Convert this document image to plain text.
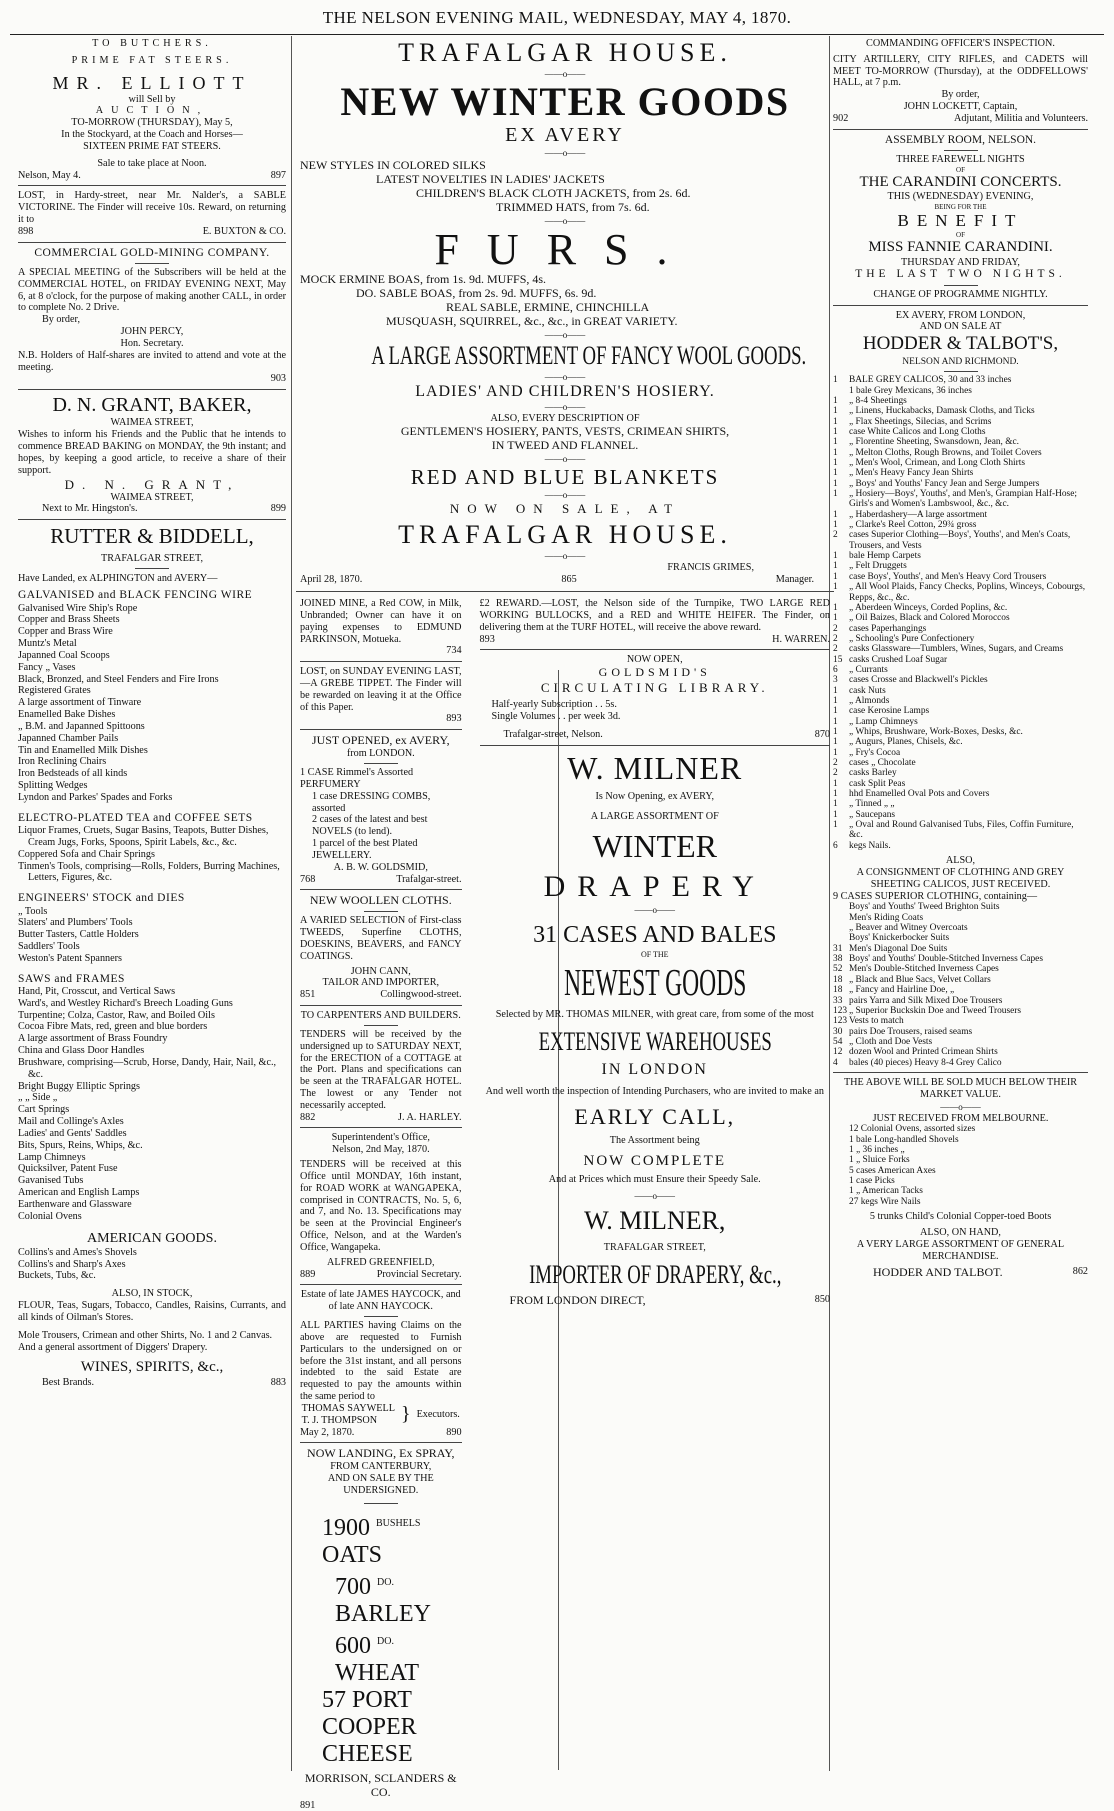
THE NELSON EVENING MAIL, WEDNESDAY, MAY 4, 1870.
TO BUTCHERS.
PRIME FAT STEERS.
MR. ELLIOTT
will Sell by
AUCTION,
TO-MORROW (THURSDAY), May 5,
In the Stockyard, at the Coach and Horses—
SIXTEEN PRIME FAT STEERS.
Sale to take place at Noon.
Nelson, May 4.	897
LOST, in Hardy-street, near Mr. Nalder's, a SABLE VICTORINE. The Finder will receive 10s. Reward, on returning it to
898	E. BUXTON & CO.
COMMERCIAL GOLD-MINING COMPANY.
A SPECIAL MEETING of the Subscribers will be held at the COMMERCIAL HOTEL, on FRIDAY EVENING NEXT, May 6, at 8 o'clock, for the purpose of making another CALL, in order to complete No. 2 Drive.
By order,
JOHN PERCY,
Hon. Secretary.
N.B. Holders of Half-shares are invited to attend and vote at the meeting.
903
D. N. GRANT, BAKER,
WAIMEA STREET,
Wishes to inform his Friends and the Public that he intends to commence BREAD BAKING on MONDAY, the 9th instant; and hopes, by keeping a good article, to receive a share of their support.
D. N. GRANT,
WAIMEA STREET,
Next to Mr. Hingston's.	899
RUTTER & BIDDELL,
TRAFALGAR STREET,
Have Landed, ex ALPHINGTON and AVERY—
GALVANISED and BLACK FENCING WIRE
Galvanised Wire Ship's Rope
Copper and Brass Sheets
Copper and Brass Wire
Muntz's Metal
Japanned Coal Scoops
Fancy „ Vases
Black, Bronzed, and Steel Fenders and Fire Irons
Registered Grates
A large assortment of Tinware
Enamelled Bake Dishes
„ B.M. and Japanned Spittoons
Japanned Chamber Pails
Tin and Enamelled Milk Dishes
Iron Reclining Chairs
Iron Bedsteads of all kinds
Splitting Wedges
Lyndon and Parkes' Spades and Forks
ELECTRO-PLATED TEA and COFFEE SETS
Liquor Frames, Cruets, Sugar Basins, Teapots, Butter Dishes, Cream Jugs, Forks, Spoons, Spirit Labels, &c., &c.
Coppered Sofa and Chair Springs
Tinmen's Tools, comprising—Rolls, Folders, Burring Machines, Letters, Figures, &c.
ENGINEERS' STOCK and DIES
„ Tools
Slaters' and Plumbers' Tools
Butter Tasters, Cattle Holders
Saddlers' Tools
Weston's Patent Spanners
SAWS and FRAMES
Hand, Pit, Crosscut, and Vertical Saws
Ward's, and Westley Richard's Breech Loading Guns
Turpentine; Colza, Castor, Raw, and Boiled Oils
Cocoa Fibre Mats, red, green and blue borders
A large assortment of Brass Foundry
China and Glass Door Handles
Brushware, comprising—Scrub, Horse, Dandy, Hair, Nail, &c., &c.
Bright Buggy Elliptic Springs
„ „ Side „
Cart Springs
Mail and Collinge's Axles
Ladies' and Gents' Saddles
Bits, Spurs, Reins, Whips, &c.
Lamp Chimneys
Quicksilver, Patent Fuse
Gavanised Tubs
American and English Lamps
Earthenware and Glassware
Colonial Ovens
AMERICAN GOODS.
Collins's and Ames's Shovels
Collins's and Sharp's Axes
Buckets, Tubs, &c.
ALSO, IN STOCK,
FLOUR, Teas, Sugars, Tobacco, Candles, Raisins, Currants, and all kinds of Oilman's Stores.
Mole Trousers, Crimean and other Shirts, No. 1 and 2 Canvas.
And a general assortment of Diggers' Drapery.
WINES, SPIRITS, &c.,
Best Brands.	883
TRAFALGAR HOUSE.
——o——
NEW WINTER GOODS
EX AVERY
——o——
NEW STYLES IN COLORED SILKS
LATEST NOVELTIES IN LADIES' JACKETS
CHILDREN'S BLACK CLOTH JACKETS, from 2s. 6d.
TRIMMED HATS, from 7s. 6d.
——o——
FURS.
MOCK ERMINE BOAS, from 1s. 9d. MUFFS, 4s.
DO. SABLE BOAS, from 2s. 9d. MUFFS, 6s. 9d.
REAL SABLE, ERMINE, CHINCHILLA
MUSQUASH, SQUIRREL, &c., &c., in GREAT VARIETY.
——o——
A LARGE ASSORTMENT OF FANCY WOOL GOODS.
——o——
LADIES' AND CHILDREN'S HOSIERY.
——o——
ALSO, EVERY DESCRIPTION OF
GENTLEMEN'S HOSIERY, PANTS, VESTS, CRIMEAN SHIRTS,
IN TWEED AND FLANNEL.
——o——
RED AND BLUE BLANKETS
——o——
NOW ON SALE, AT
TRAFALGAR HOUSE.
——o——
FRANCIS GRIMES,
April 28, 1870.	865	Manager.
JOINED MINE, a Red COW, in Milk, Unbranded; Owner can have it on paying expenses to EDMUND PARKINSON, Motueka.
734
LOST, on SUNDAY EVENING LAST,—A GREBE TIPPET. The Finder will be rewarded on leaving it at the Office of this Paper.
893
JUST OPENED, ex AVERY,
from LONDON.
1 CASE Rimmel's Assorted PERFUMERY
1 case DRESSING COMBS, assorted
2 cases of the latest and best NOVELS (to lend).
1 parcel of the best Plated JEWELLERY.
A. B. W. GOLDSMID,
768	Trafalgar-street.
NEW WOOLLEN CLOTHS.
A VARIED SELECTION of First-class TWEEDS, Superfine CLOTHS, DOESKINS, BEAVERS, and FANCY COATINGS.
JOHN CANN,
TAILOR AND IMPORTER,
851	Collingwood-street.
TO CARPENTERS AND BUILDERS.
TENDERS will be received by the undersigned up to SATURDAY NEXT, for the ERECTION of a COTTAGE at the Port. Plans and specifications can be seen at the TRAFALGAR HOTEL. The lowest or any Tender not necessarily accepted.
882	J. A. HARLEY.
Superintendent's Office,
Nelson, 2nd May, 1870.
TENDERS will be received at this Office until MONDAY, 16th instant, for ROAD WORK at WANGAPEKA, comprised in CONTRACTS, No. 5, 6, and 7, and No. 13. Specifications may be seen at the Provincial Engineer's Office, Nelson, and at the Warden's Office, Wangapeka.
ALFRED GREENFIELD,
889	Provincial Secretary.
Estate of late JAMES HAYCOCK, and of late ANN HAYCOCK.
ALL PARTIES having Claims on the above are requested to Furnish Particulars to the undersigned on or before the 31st instant, and all persons indebted to the said Estate are requested to pay the amounts within the same period to
THOMAS SAYWELL
T. J. THOMPSON	} Executors.
May 2, 1870.	890
NOW LANDING, Ex SPRAY,
FROM CANTERBURY,
AND ON SALE BY THE UNDERSIGNED.
1900 $^{BUSHELS}$ OATS
700 $^{DO.}$ BARLEY
600 $^{DO.}$ WHEAT
57 PORT COOPER CHEESE
MORRISON, SCLANDERS & CO.
891
£2 REWARD.—LOST, the Nelson side of the Turnpike, TWO LARGE RED WORKING BULLOCKS, and a RED and WHITE HEIFER. The Finder, on delivering them at the TURF HOTEL, will receive the above reward.
893	H. WARREN.
NOW OPEN,
GOLDSMID'S
CIRCULATING LIBRARY.
Half-yearly Subscription . . 5s.
Single Volumes . . per week 3d.
Trafalgar-street, Nelson.	870
W. MILNER
Is Now Opening, ex AVERY,
A LARGE ASSORTMENT OF
WINTER
DRAPERY
——o——
31 CASES AND BALES
OF THE
NEWEST GOODS
Selected by MR. THOMAS MILNER, with great care, from some of the most
EXTENSIVE WAREHOUSES
IN LONDON
And well worth the inspection of Intending Purchasers, who are invited to make an
EARLY CALL,
The Assortment being
NOW COMPLETE
And at Prices which must Ensure their Speedy Sale.
——o——
W. MILNER,
TRAFALGAR STREET,
IMPORTER OF DRAPERY, &c.,
FROM LONDON DIRECT,	850
COMMANDING OFFICER'S INSPECTION.
CITY ARTILLERY, CITY RIFLES, and CADETS will MEET TO-MORROW (Thursday), at the ODDFELLOWS' HALL, at 7 p.m.
By order,
JOHN LOCKETT, Captain,
902	Adjutant, Militia and Volunteers.
ASSEMBLY ROOM, NELSON.
THREE FAREWELL NIGHTS
OF
THE CARANDINI CONCERTS.
THIS (WEDNESDAY) EVENING,
BEING FOR THE
BENEFIT
OF
MISS FANNIE CARANDINI.
THURSDAY AND FRIDAY,
THE LAST TWO NIGHTS.
CHANGE OF PROGRAMME NIGHTLY.
EX AVERY, FROM LONDON,
AND ON SALE AT
HODDER & TALBOT'S,
NELSON AND RICHMOND.
1	BALE GREY CALICOS, 30 and 33 inches
1 bale Grey Mexicans, 36 inches
1	„ 8-4 Sheetings
1	„ Linens, Huckabacks, Damask Cloths, and Ticks
1	„ Flax Sheetings, Silecias, and Scrims
1	case White Calicos and Long Cloths
1	„ Florentine Sheeting, Swansdown, Jean, &c.
1	„ Melton Cloths, Rough Browns, and Toilet Covers
1	„ Men's Wool, Crimean, and Long Cloth Shirts
1	„ Men's Heavy Fancy Jean Shirts
1	„ Boys' and Youths' Fancy Jean and Serge Jumpers
1	„ Hosiery—Boys', Youths', and Men's, Grampian Half-Hose; Girls's and Women's Lambswool, &c., &c.
1	„ Haberdashery—A large assortment
1	„ Clarke's Reel Cotton, 29¾ gross
2	cases Superior Clothing—Boys', Youths', and Men's Coats, Trousers, and Vests
1	bale Hemp Carpets
1	„ Felt Druggets
1	case Boys', Youths', and Men's Heavy Cord Trousers
1	„ All Wool Plaids, Fancy Checks, Poplins, Winceys, Cobourgs, Repps, &c., &c.
1	„ Aberdeen Winceys, Corded Poplins, &c.
1	„ Oil Baizes, Black and Colored Moroccos
2	cases Paperhangings
2	„ Schooling's Pure Confectionery
2	casks Glassware—Tumblers, Wines, Sugars, and Creams
15 casks Crushed Loaf Sugar
6	„ Currants
3	cases Crosse and Blackwell's Pickles
1	cask Nuts
1	„ Almonds
1	case Kerosine Lamps
1	„ Lamp Chimneys
1	„ Whips, Brushware, Work-Boxes, Desks, &c.
1	„ Augurs, Planes, Chisels, &c.
1	„ Fry's Cocoa
2	cases „ Chocolate
2	casks Barley
1	cask Split Peas
1	hhd Enamelled Oval Pots and Covers
1	„ Tinned „ „
1	„ Saucepans
1	„ Oval and Round Galvanised Tubs, Files, Coffin Furniture, &c.
6	kegs Nails.
ALSO,
A CONSIGNMENT OF CLOTHING AND GREY SHEETING CALICOS, JUST RECEIVED.
9 CASES SUPERIOR CLOTHING, containing—
Boys' and Youths' Tweed Brighton Suits
Men's Riding Coats
„ Beaver and Witney Overcoats
Boys' Knickerbocker Suits
31 Men's Diagonal Doe Suits
38 Boys' and Youths' Double-Stitched Inverness Capes
52 Men's Double-Stitched Inverness Capes
18 „ Black and Blue Sacs, Velvet Collars
18 „ Fancy and Hairline Doe, „
33 pairs Yarra and Silk Mixed Doe Trousers
123 „ Superior Buckskin Doe and Tweed Trousers
123 Vests to match
30 pairs Doe Trousers, raised seams
54 „ Cloth and Doe Vests
12 dozen Wool and Printed Crimean Shirts
4	bales (40 pieces) Heavy 8-4 Grey Calico
THE ABOVE WILL BE SOLD MUCH BELOW THEIR MARKET VALUE.
——o——
JUST RECEIVED FROM MELBOURNE.
12 Colonial Ovens, assorted sizes
1 bale Long-handled Shovels
1 „ 36 inches „
1 „ Sluice Forks
5 cases American Axes
1 case Picks
1 „ American Tacks
27 kegs Wire Nails
5 trunks Child's Colonial Copper-toed Boots
ALSO, ON HAND,
A VERY LARGE ASSORTMENT OF GENERAL MERCHANDISE.
HODDER AND TALBOT.	862
